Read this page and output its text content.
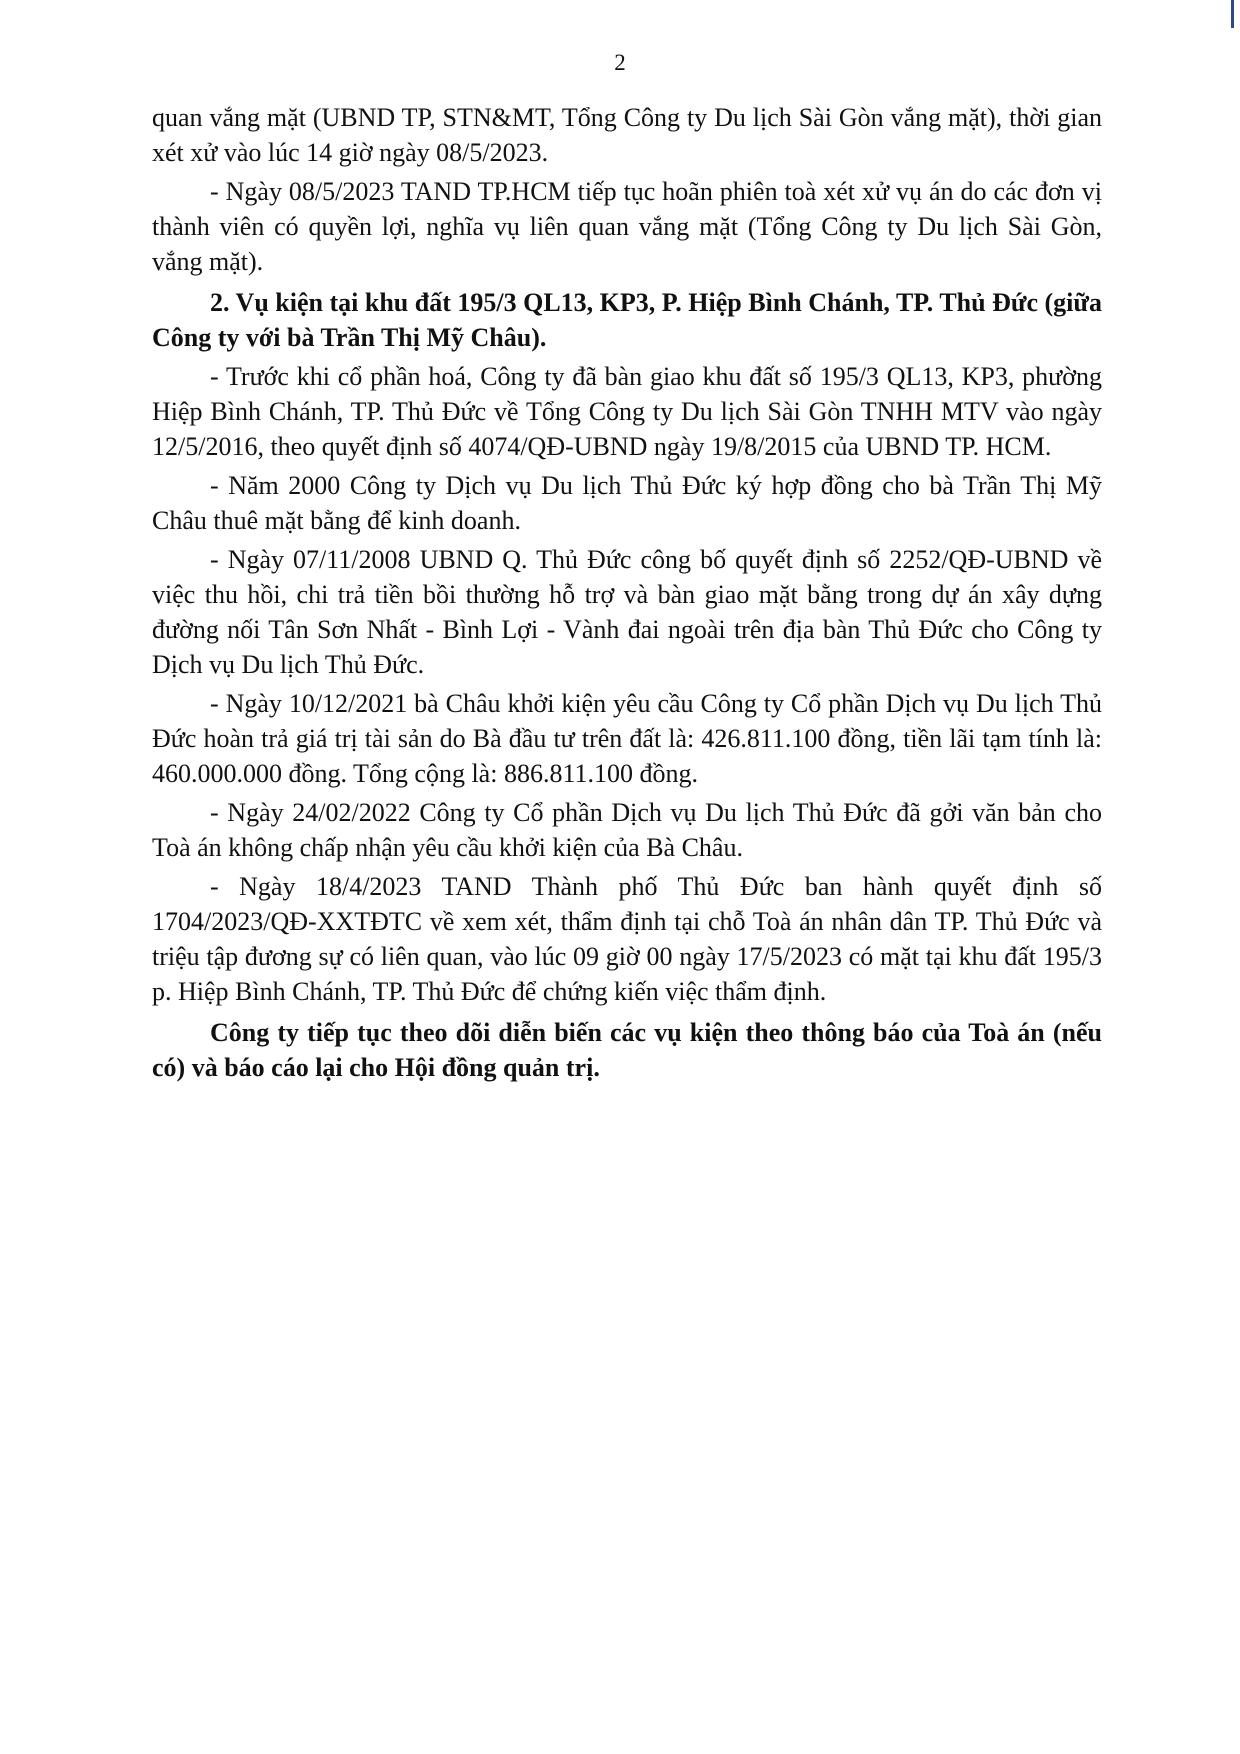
2

quan vắng mặt (UBND TP, STN&MT, Tổng Công ty Du lịch Sài Gòn vắng mặt), thời gian xét xử vào lúc 14 giờ ngày 08/5/2023.

- Ngày 08/5/2023 TAND TP.HCM tiếp tục hoãn phiên toà xét xử vụ án do các đơn vị thành viên có quyền lợi, nghĩa vụ liên quan vắng mặt (Tổng Công ty Du lịch Sài Gòn, vắng mặt).

2. Vụ kiện tại khu đất 195/3 QL13, KP3, P. Hiệp Bình Chánh, TP. Thủ Đức (giữa Công ty với bà Trần Thị Mỹ Châu).

- Trước khi cổ phần hoá, Công ty đã bàn giao khu đất số 195/3 QL13, KP3, phường Hiệp Bình Chánh, TP. Thủ Đức về Tổng Công ty Du lịch Sài Gòn TNHH MTV vào ngày 12/5/2016, theo quyết định số 4074/QĐ-UBND ngày 19/8/2015 của UBND TP. HCM.

- Năm 2000 Công ty Dịch vụ Du lịch Thủ Đức ký hợp đồng cho bà Trần Thị Mỹ Châu thuê mặt bằng để kinh doanh.

- Ngày 07/11/2008 UBND Q. Thủ Đức công bố quyết định số 2252/QĐ-UBND về việc thu hồi, chi trả tiền bồi thường hỗ trợ và bàn giao mặt bằng trong dự án xây dựng đường nối Tân Sơn Nhất - Bình Lợi - Vành đai ngoài trên địa bàn Thủ Đức cho Công ty Dịch vụ Du lịch Thủ Đức.

- Ngày 10/12/2021 bà Châu khởi kiện yêu cầu Công ty Cổ phần Dịch vụ Du lịch Thủ Đức hoàn trả giá trị tài sản do Bà đầu tư trên đất là: 426.811.100 đồng, tiền lãi tạm tính là: 460.000.000 đồng. Tổng cộng là: 886.811.100 đồng.

- Ngày 24/02/2022 Công ty Cổ phần Dịch vụ Du lịch Thủ Đức đã gởi văn bản cho Toà án không chấp nhận yêu cầu khởi kiện của Bà Châu.

- Ngày 18/4/2023 TAND Thành phố Thủ Đức ban hành quyết định số 1704/2023/QĐ-XXTĐTC về xem xét, thẩm định tại chỗ Toà án nhân dân TP. Thủ Đức và triệu tập đương sự có liên quan, vào lúc 09 giờ 00 ngày 17/5/2023 có mặt tại khu đất 195/3 p. Hiệp Bình Chánh, TP. Thủ Đức để chứng kiến việc thẩm định.

Công ty tiếp tục theo dõi diễn biến các vụ kiện theo thông báo của Toà án (nếu có) và báo cáo lại cho Hội đồng quản trị.
